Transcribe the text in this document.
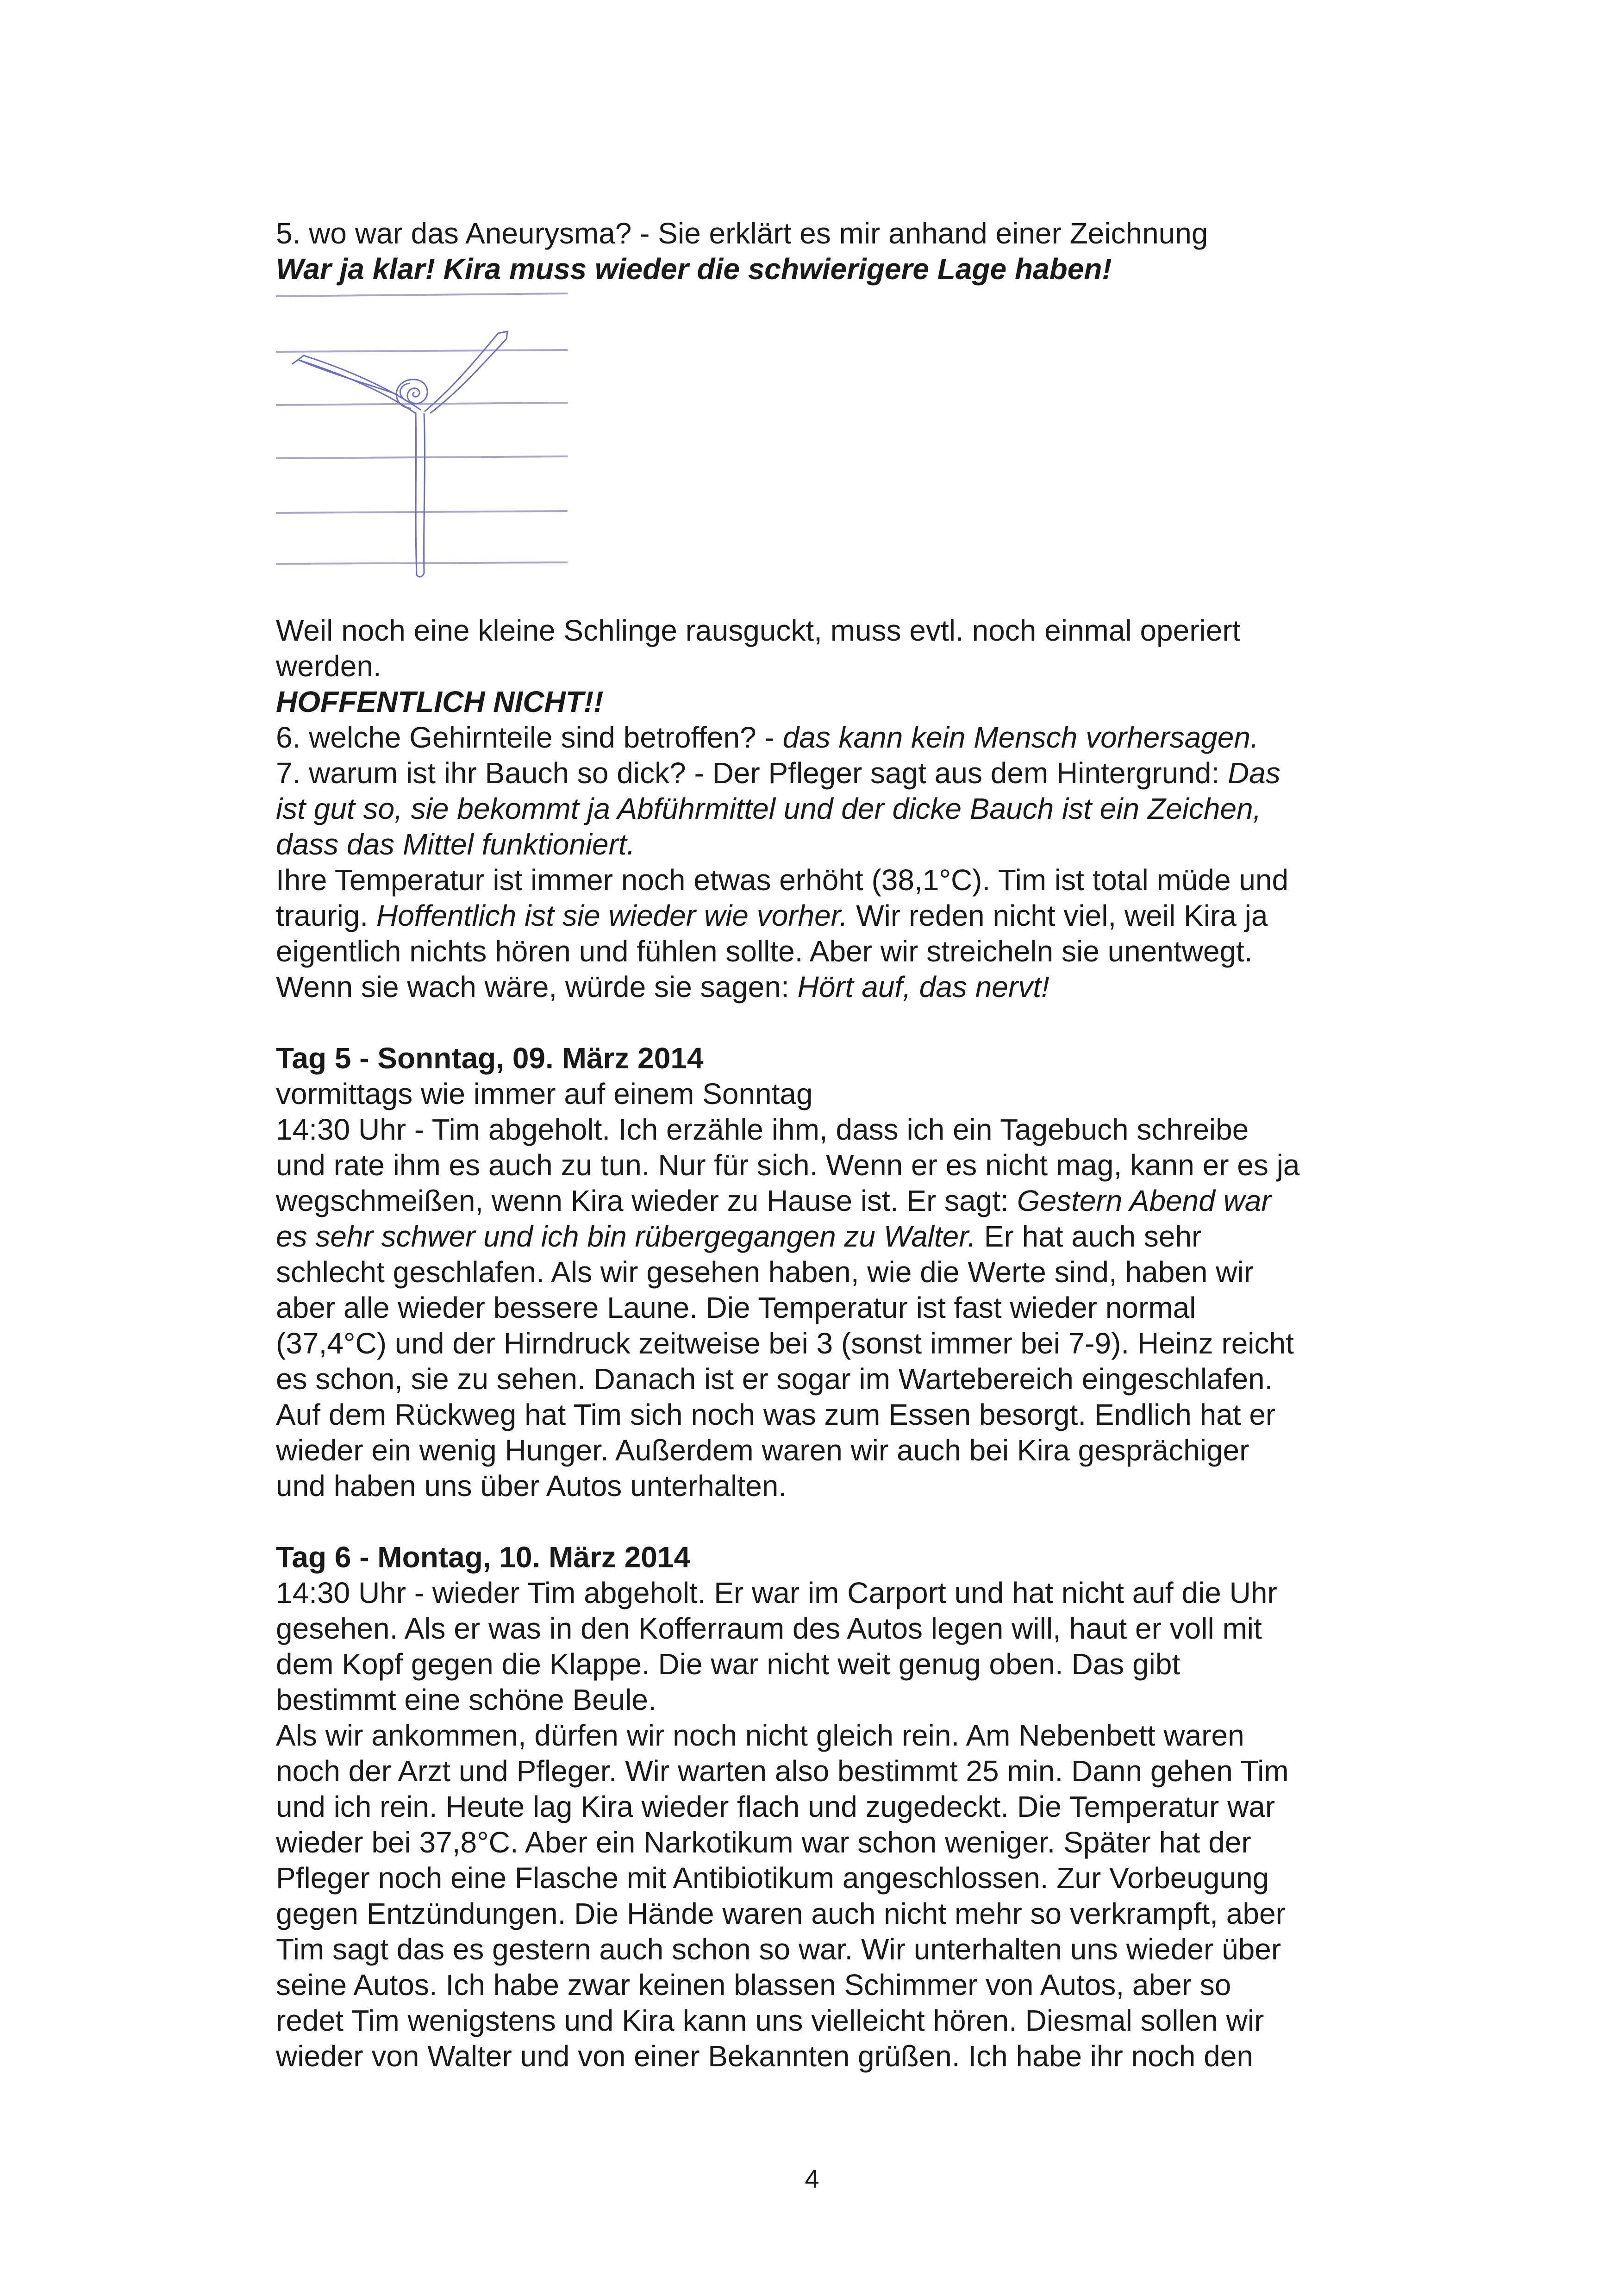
5. wo war das Aneurysma? - Sie erklärt es mir anhand einer Zeichnung

War ja klar! Kira muss wieder die schwierigere Lage haben!

Weil noch eine kleine Schlinge rausguckt, muss evtl. noch einmal operiert

werden.

HOFFENTLICH NICHT!!

6. welche Gehirnteile sind betroffen? - das kann kein Mensch vorhersagen.

7. warum ist ihr Bauch so dick? - Der Pfleger sagt aus dem Hintergrund: Das

ist gut so, sie bekommt ja Abführmittel und der dicke Bauch ist ein Zeichen,

dass das Mittel funktioniert.

Ihre Temperatur ist immer noch etwas erhöht (38,1°C). Tim ist total müde und

traurig. Hoffentlich ist sie wieder wie vorher. Wir reden nicht viel, weil Kira ja

eigentlich nichts hören und fühlen sollte. Aber wir streicheln sie unentwegt.

Wenn sie wach wäre, würde sie sagen: Hört auf, das nervt!

Tag 5 - Sonntag, 09. März 2014

vormittags wie immer auf einem Sonntag

14:30 Uhr - Tim abgeholt. Ich erzähle ihm, dass ich ein Tagebuch schreibe

und rate ihm es auch zu tun. Nur für sich. Wenn er es nicht mag, kann er es ja

wegschmeißen, wenn Kira wieder zu Hause ist. Er sagt: Gestern Abend war

es sehr schwer und ich bin rübergegangen zu Walter. Er hat auch sehr

schlecht geschlafen. Als wir gesehen haben, wie die Werte sind, haben wir

aber alle wieder bessere Laune. Die Temperatur ist fast wieder normal

(37,4°C) und der Hirndruck zeitweise bei 3 (sonst immer bei 7-9). Heinz reicht

es schon, sie zu sehen. Danach ist er sogar im Wartebereich eingeschlafen.

Auf dem Rückweg hat Tim sich noch was zum Essen besorgt. Endlich hat er

wieder ein wenig Hunger. Außerdem waren wir auch bei Kira gesprächiger

und haben uns über Autos unterhalten.

Tag 6 - Montag, 10. März 2014

14:30 Uhr - wieder Tim abgeholt. Er war im Carport und hat nicht auf die Uhr

gesehen. Als er was in den Kofferraum des Autos legen will, haut er voll mit

dem Kopf gegen die Klappe. Die war nicht weit genug oben. Das gibt

bestimmt eine schöne Beule.

Als wir ankommen, dürfen wir noch nicht gleich rein. Am Nebenbett waren

noch der Arzt und Pfleger. Wir warten also bestimmt 25 min. Dann gehen Tim

und ich rein. Heute lag Kira wieder flach und zugedeckt. Die Temperatur war

wieder bei 37,8°C. Aber ein Narkotikum war schon weniger. Später hat der

Pfleger noch eine Flasche mit Antibiotikum angeschlossen. Zur Vorbeugung

gegen Entzündungen. Die Hände waren auch nicht mehr so verkrampft, aber

Tim sagt das es gestern auch schon so war. Wir unterhalten uns wieder über

seine Autos. Ich habe zwar keinen blassen Schimmer von Autos, aber so

redet Tim wenigstens und Kira kann uns vielleicht hören. Diesmal sollen wir

wieder von Walter und von einer Bekannten grüßen. Ich habe ihr noch den

4
